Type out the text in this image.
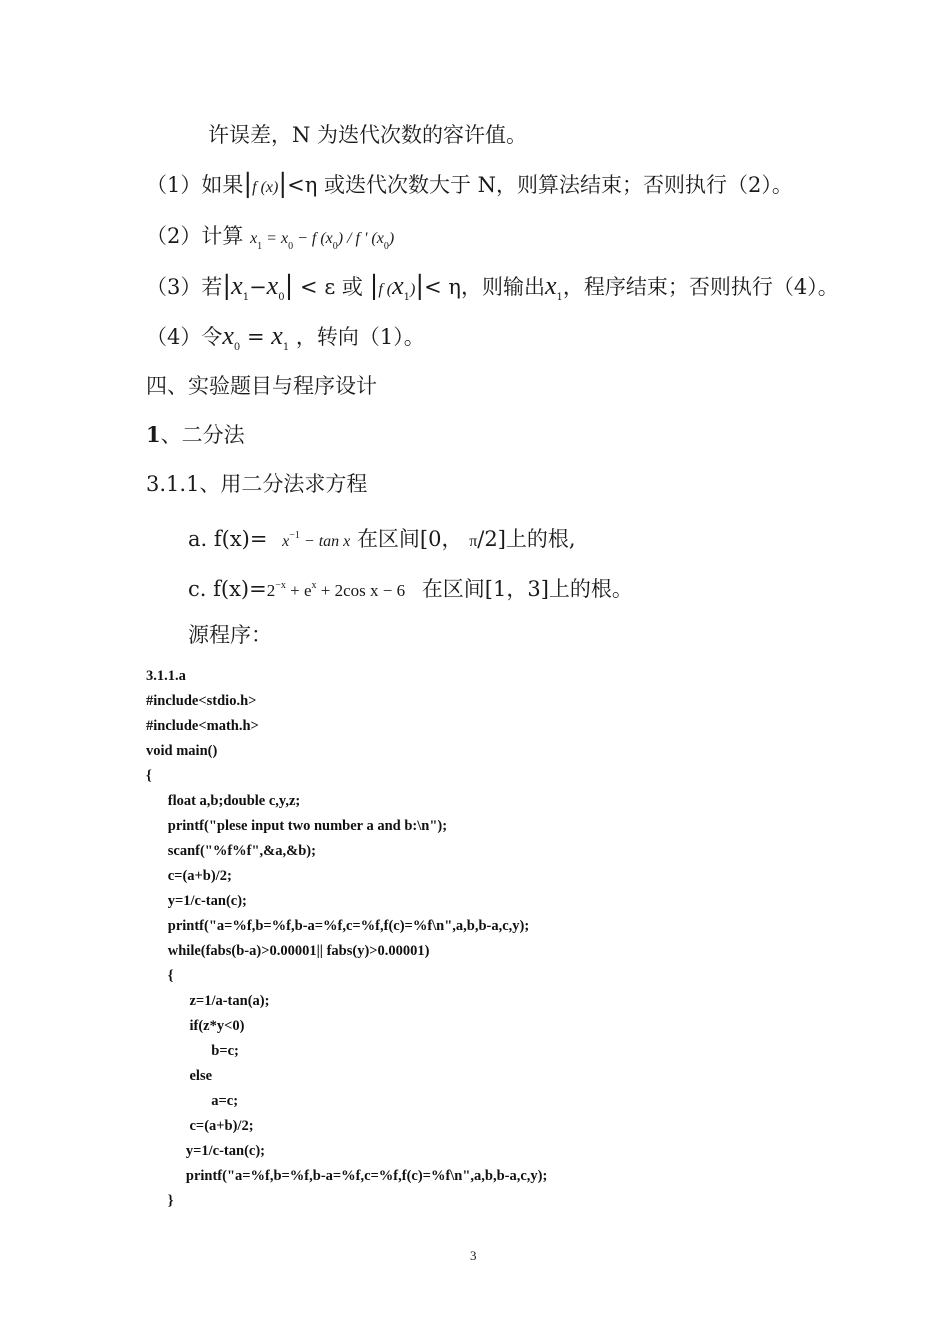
许误差，N 为迭代次数的容许值。
（1）如果|f (x)|<η 或迭代次数大于 N，则算法结束；否则执行（2）。
（2）计算 $x_1 = x_0 - f$ $(x_0)$ / f ' $(x_0)$
（3）若$|x_1-x_0| < \varepsilon$ 或 |f $(x_1)|< \eta$，则输出$x_1$，程序结束；否则执行（4）。
（4）令$x_0 = x_1$ ，转向（1）。
四、实验题目与程序设计
1、二分法
3.1.1、用二分法求方程
a. $f(x)= x^{-1} - \tan x$ 在区间[0， π/2]上的根,
c. $f(x)=2^{-x} + e^x + 2\cos$ x − 6 在区间[1，3]上的根。
源程序：
3.1.1.a
#include<stdio.h>
#include<math.h>
void main()
{
float a,b;double c,y,z;
printf("plese input two number a and b:\n");
scanf("%f%f",&a,&b);
c=(a+b)/2;
y=1/c-tan(c);
printf("a=%f,b=%f,b-a=%f,c=%f,f(c)=%f\n",a,b,b-a,c,y);
while(fabs(b-a)>0.00001|| fabs(y)>0.00001)
{
z=1/a-tan(a);
if(z*y<0)
b=c;
else
a=c;
c=(a+b)/2;
y=1/c-tan(c);
printf("a=%f,b=%f,b-a=%f,c=%f,f(c)=%f\n",a,b,b-a,c,y);
}
3
